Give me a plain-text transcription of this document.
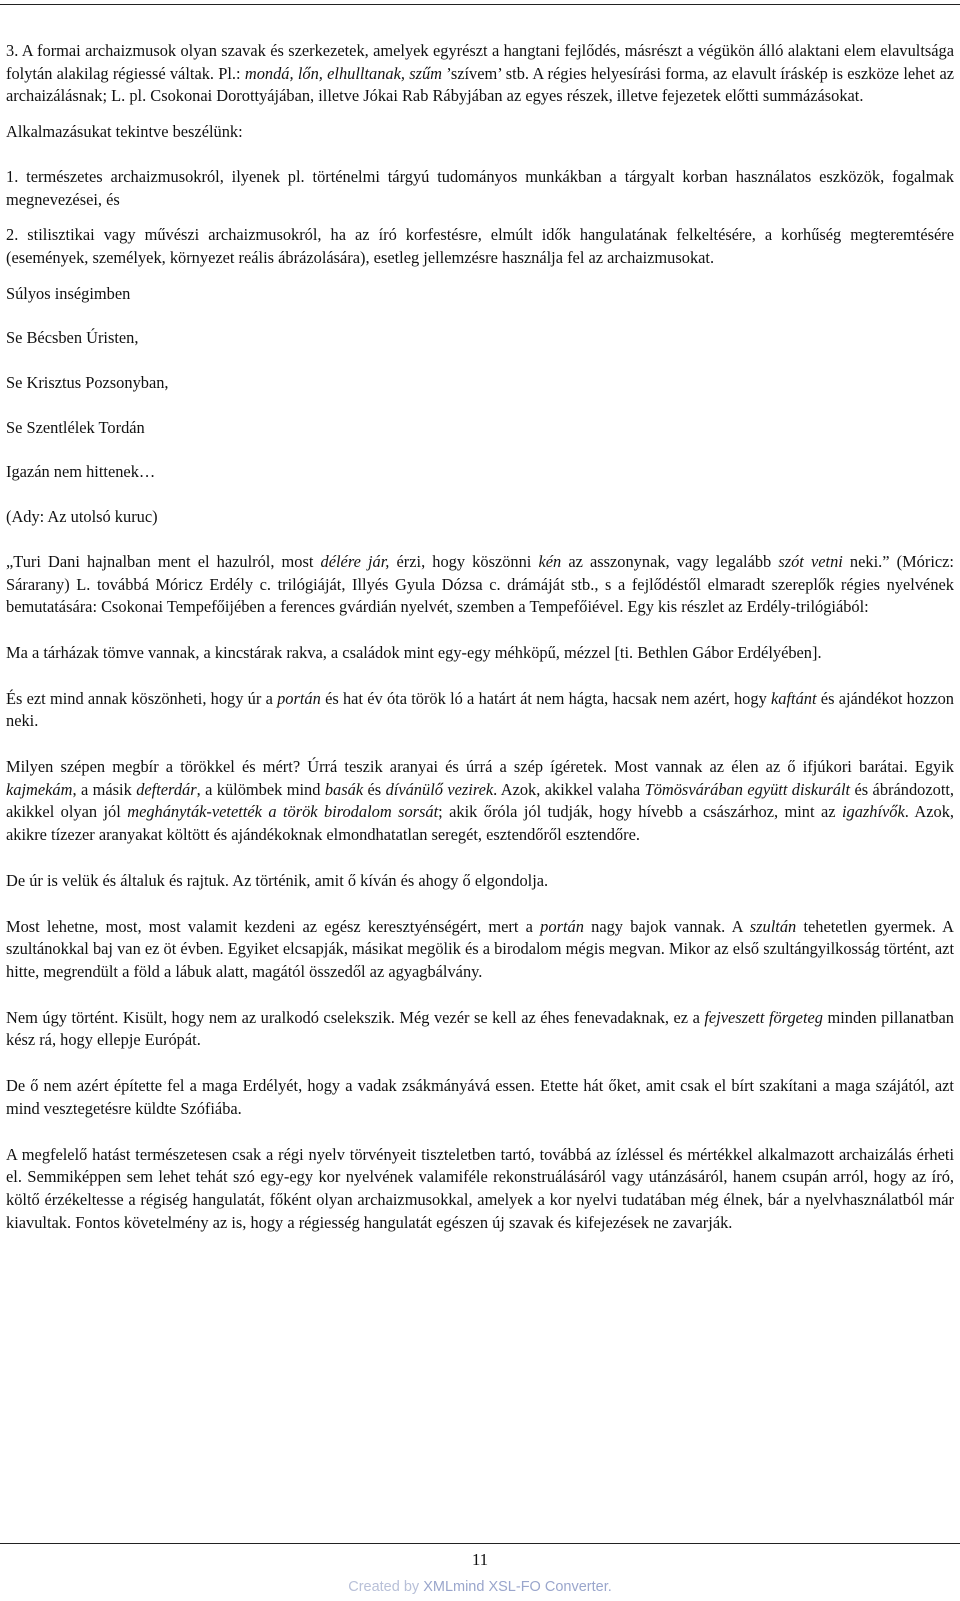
3. A formai archaizmusok olyan szavak és szerkezetek, amelyek egyrészt a hangtani fejlődés, másrészt a végükön álló alaktani elem elavultsága folytán alakilag régiessé váltak. Pl.: mondá, lőn, elhulltanak, szűm ’szívem’ stb. A régies helyesírási forma, az elavult íráskép is eszköze lehet az archaizálásnak; L. pl. Csokonai Dorottyájában, illetve Jókai Rab Rábyjában az egyes részek, illetve fejezetek előtti summázásokat.

Alkalmazásukat tekintve beszélünk:

1. természetes archaizmusokról, ilyenek pl. történelmi tárgyú tudományos munkákban a tárgyalt korban használatos eszközök, fogalmak megnevezései, és

2. stilisztikai vagy művészi archaizmusokról, ha az író korfestésre, elmúlt idők hangulatának felkeltésére, a korhűség megteremtésére (események, személyek, környezet reális ábrázolására), esetleg jellemzésre használja fel az archaizmusokat.

Súlyos inségimben

Se Bécsben Úristen,

Se Krisztus Pozsonyban,

Se Szentlélek Tordán

Igazán nem hittenek…

(Ady: Az utolsó kuruc)

„Turi Dani hajnalban ment el hazulról, most délére jár, érzi, hogy köszönni kén az asszonynak, vagy legalább szót vetni neki.” (Móricz: Sárarany) L. továbbá Móricz Erdély c. trilógiáját, Illyés Gyula Dózsa c. drámáját stb., s a fejlődéstől elmaradt szereplők régies nyelvének bemutatására: Csokonai Tempefőijében a ferences gvárdián nyelvét, szemben a Tempefőiével. Egy kis részlet az Erdély-trilógiából:

Ma a tárházak tömve vannak, a kincstárak rakva, a családok mint egy-egy méhköpű, mézzel [ti. Bethlen Gábor Erdélyében].

És ezt mind annak köszönheti, hogy úr a portán és hat év óta török ló a határt át nem hágta, hacsak nem azért, hogy kaftánt és ajándékot hozzon neki.

Milyen szépen megbír a törökkel és mért? Úrrá teszik aranyai és úrrá a szép ígéretek. Most vannak az élen az ő ifjúkori barátai. Egyik kajmekám, a másik defterdár, a külömbek mind basák és dívánülő vezirek. Azok, akikkel valaha Tömösvárában együtt diskurált és ábrándozott, akikkel olyan jól meghányták-vetették a török birodalom sorsát; akik őróla jól tudják, hogy hívebb a császárhoz, mint az igazhívők. Azok, akikre tízezer aranyakat költött és ajándékoknak elmondhatatlan seregét, esztendőről esztendőre.

De úr is velük és általuk és rajtuk. Az történik, amit ő kíván és ahogy ő elgondolja.

Most lehetne, most, most valamit kezdeni az egész keresztyénségért, mert a portán nagy bajok vannak. A szultán tehetetlen gyermek. A szultánokkal baj van ez öt évben. Egyiket elcsapják, másikat megölik és a birodalom mégis megvan. Mikor az első szultángyilkosság történt, azt hitte, megrendült a föld a lábuk alatt, magától összedől az agyagbálvány.

Nem úgy történt. Kisült, hogy nem az uralkodó cselekszik. Még vezér se kell az éhes fenevadaknak, ez a fejveszett förgeteg minden pillanatban kész rá, hogy ellepje Európát.

De ő nem azért építette fel a maga Erdélyét, hogy a vadak zsákmányává essen. Etette hát őket, amit csak el bírt szakítani a maga szájától, azt mind vesztegetésre küldte Szófiába.

A megfelelő hatást természetesen csak a régi nyelv törvényeit tiszteletben tartó, továbbá az ízléssel és mértékkel alkalmazott archaizálás érheti el. Semmiképpen sem lehet tehát szó egy-egy kor nyelvének valamiféle rekonstruálásáról vagy utánzásáról, hanem csupán arról, hogy az író, költő érzékeltesse a régiség hangulatát, főként olyan archaizmusokkal, amelyek a kor nyelvi tudatában még élnek, bár a nyelvhasználatból már kiavultak. Fontos követelmény az is, hogy a régiesség hangulatát egészen új szavak és kifejezések ne zavarják.

11
Created by XMLmind XSL-FO Converter.
